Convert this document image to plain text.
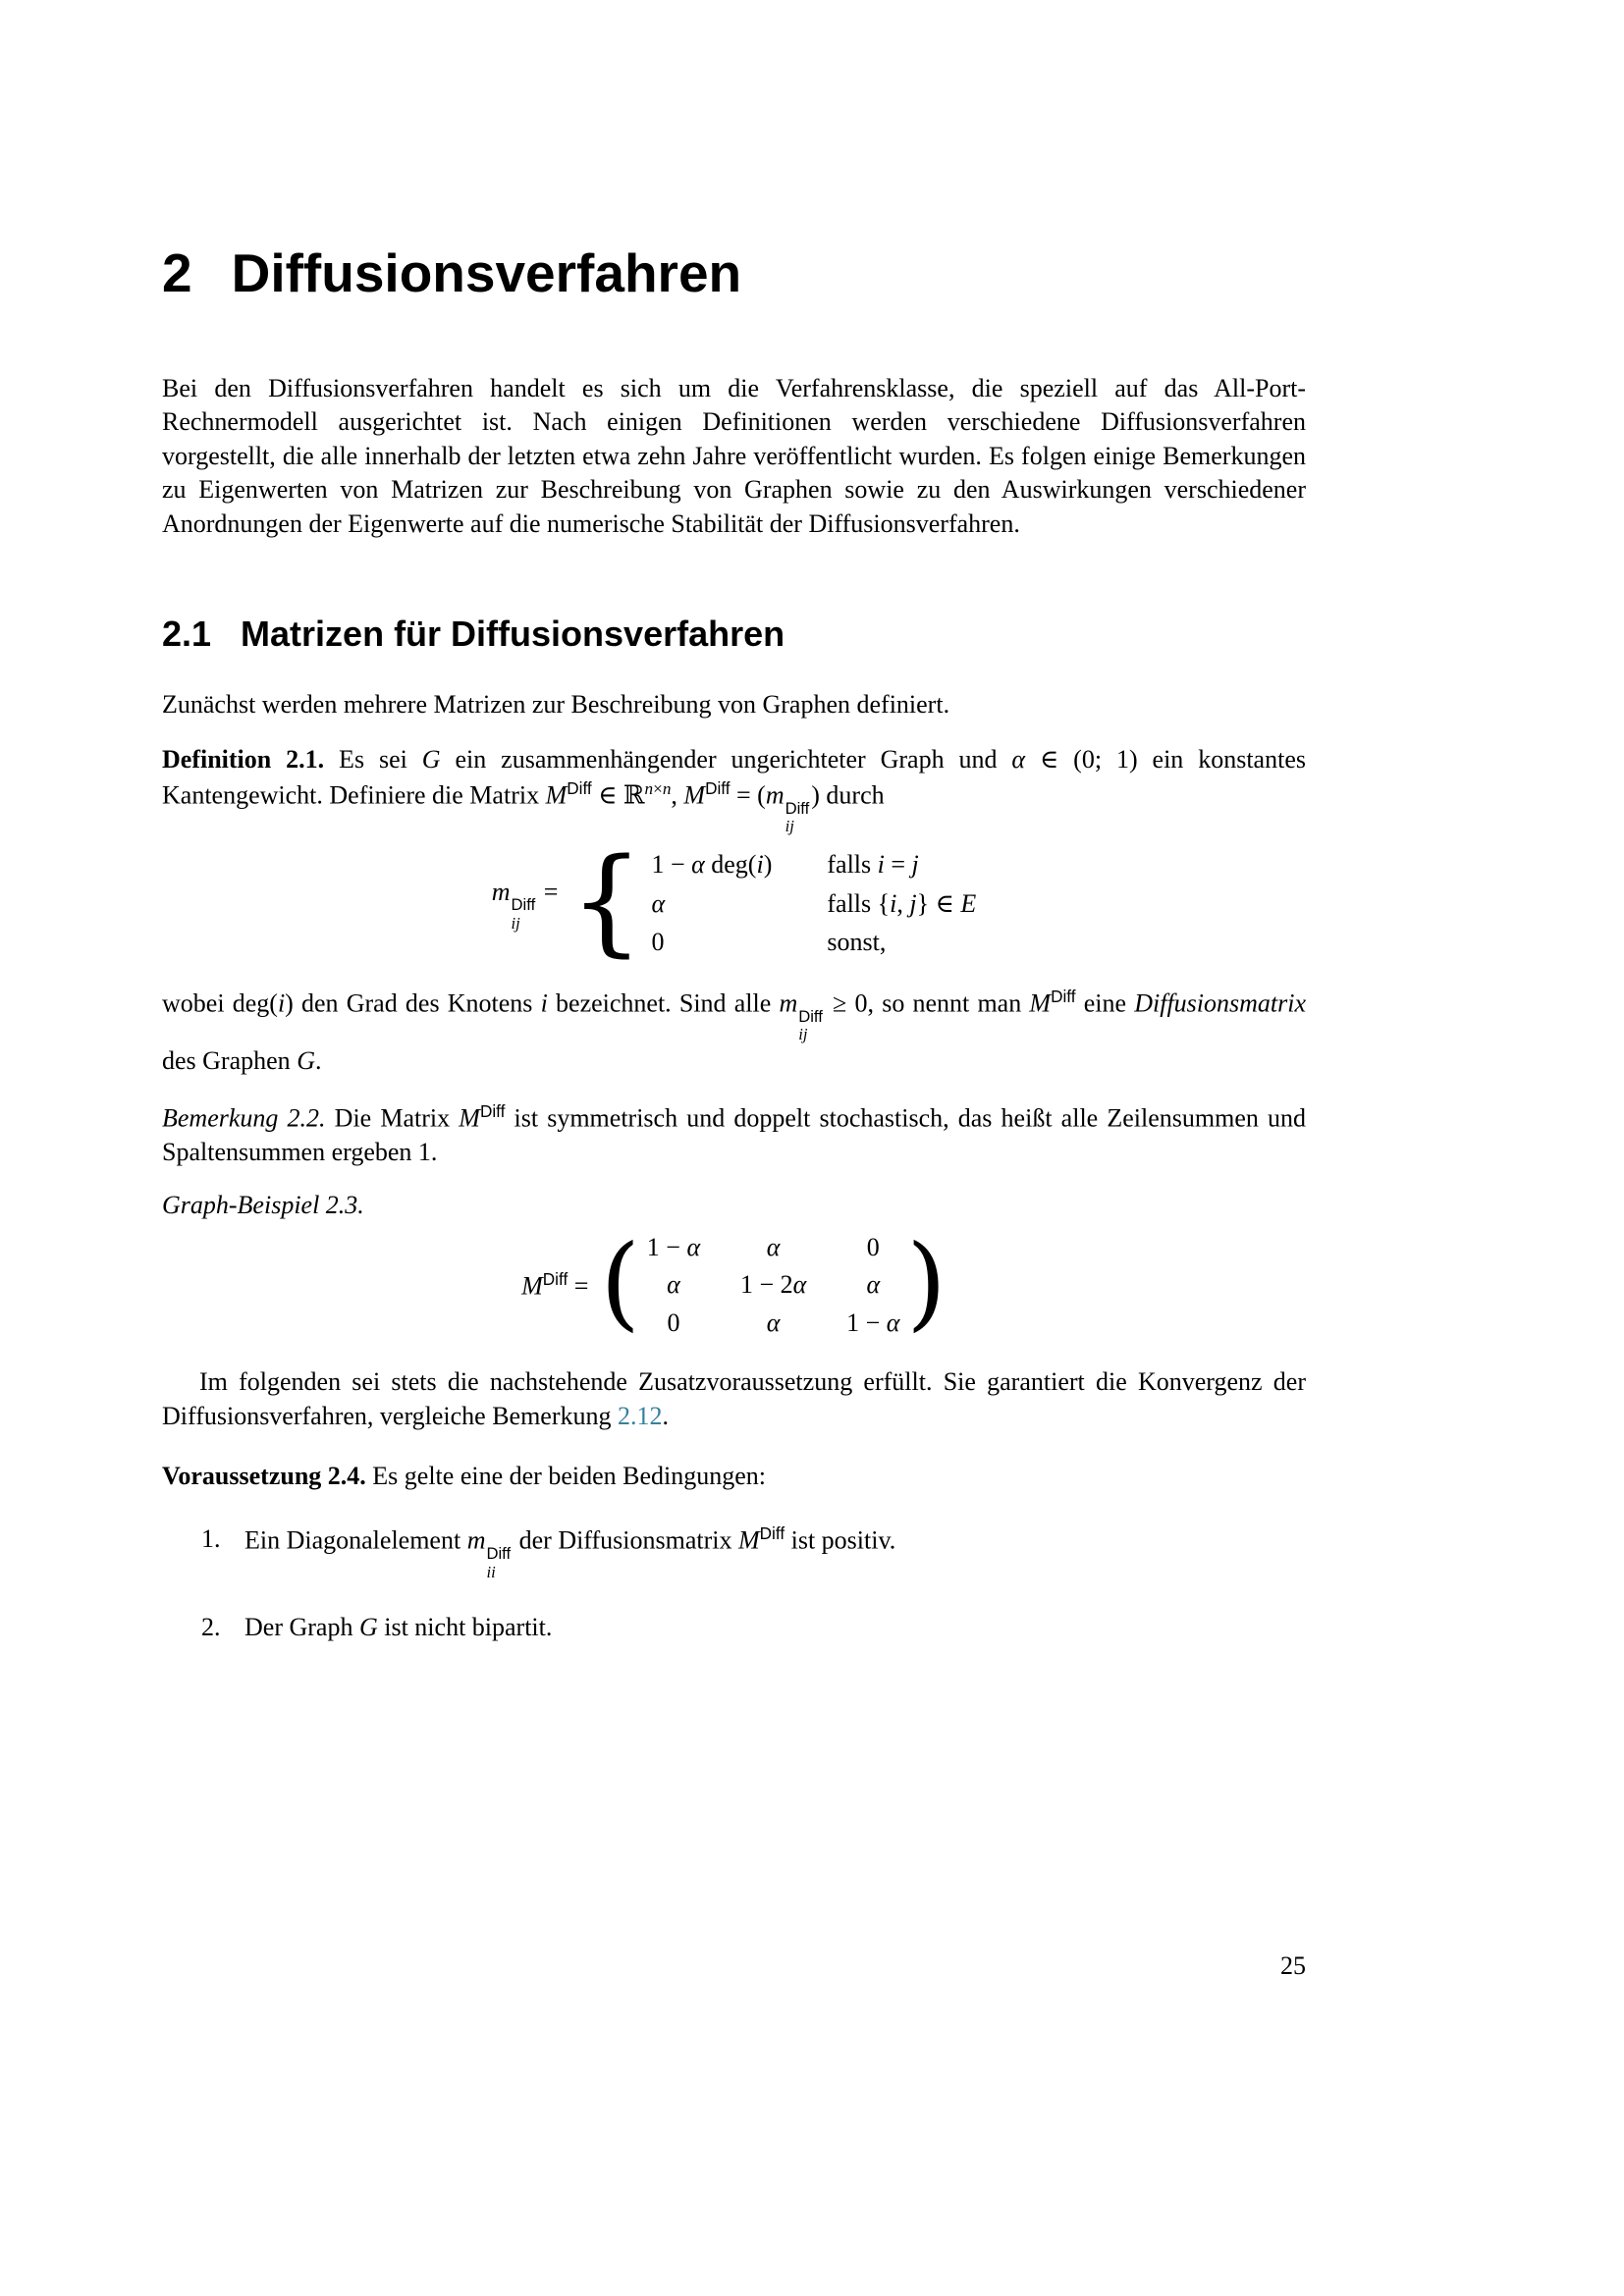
2 Diffusionsverfahren

Bei den Diffusionsverfahren handelt es sich um die Verfahrensklasse, die speziell auf das All-Port-Rechnermodell ausgerichtet ist. Nach einigen Definitionen werden verschiedene Diffusionsverfahren vorgestellt, die alle innerhalb der letzten etwa zehn Jahre veröffentlicht wurden. Es folgen einige Bemerkungen zu Eigenwerten von Matrizen zur Beschreibung von Graphen sowie zu den Auswirkungen verschiedener Anordnungen der Eigenwerte auf die numerische Stabilität der Diffusionsverfahren.

2.1 Matrizen für Diffusionsverfahren

Zunächst werden mehrere Matrizen zur Beschreibung von Graphen definiert.

Definition 2.1. Es sei G ein zusammenhängender ungerichteter Graph und α ∈ (0; 1) ein konstantes Kantengewicht. Definiere die Matrix $M^{Diff}$ ∈ ℝ$^{n\times n}$, $M^{Diff} = (m$ Diff
ij
) durch

m Diff
ij
= { 1 − α deg(i) falls i = j
α	falls {i, j} ∈ E
0	sonst,

wobei deg(i) den Grad des Knotens i bezeichnet. Sind alle m Diff
ij
≥ 0, so nennt man $M^{Diff}$ eine Diffusionsmatrix des Graphen G.

Bemerkung 2.2. Die Matrix $M^{Diff}$ ist symmetrisch und doppelt stochastisch, das heißt alle Zeilensummen und Spaltensummen ergeben 1.

Graph-Beispiel 2.3.

$M^{Diff}$ = ( 1 − α	α	0
α	1 − 2α	α
0	α	1 − α )

Im folgenden sei stets die nachstehende Zusatzvoraussetzung erfüllt. Sie garantiert die Konvergenz der Diffusionsverfahren, vergleiche Bemerkung 2.12.

Voraussetzung 2.4. Es gelte eine der beiden Bedingungen:

1. Ein Diagonalelement m Diff
ii
der Diffusionsmatrix $M^{Diff}$ ist positiv.
2. Der Graph G ist nicht bipartit.
25
